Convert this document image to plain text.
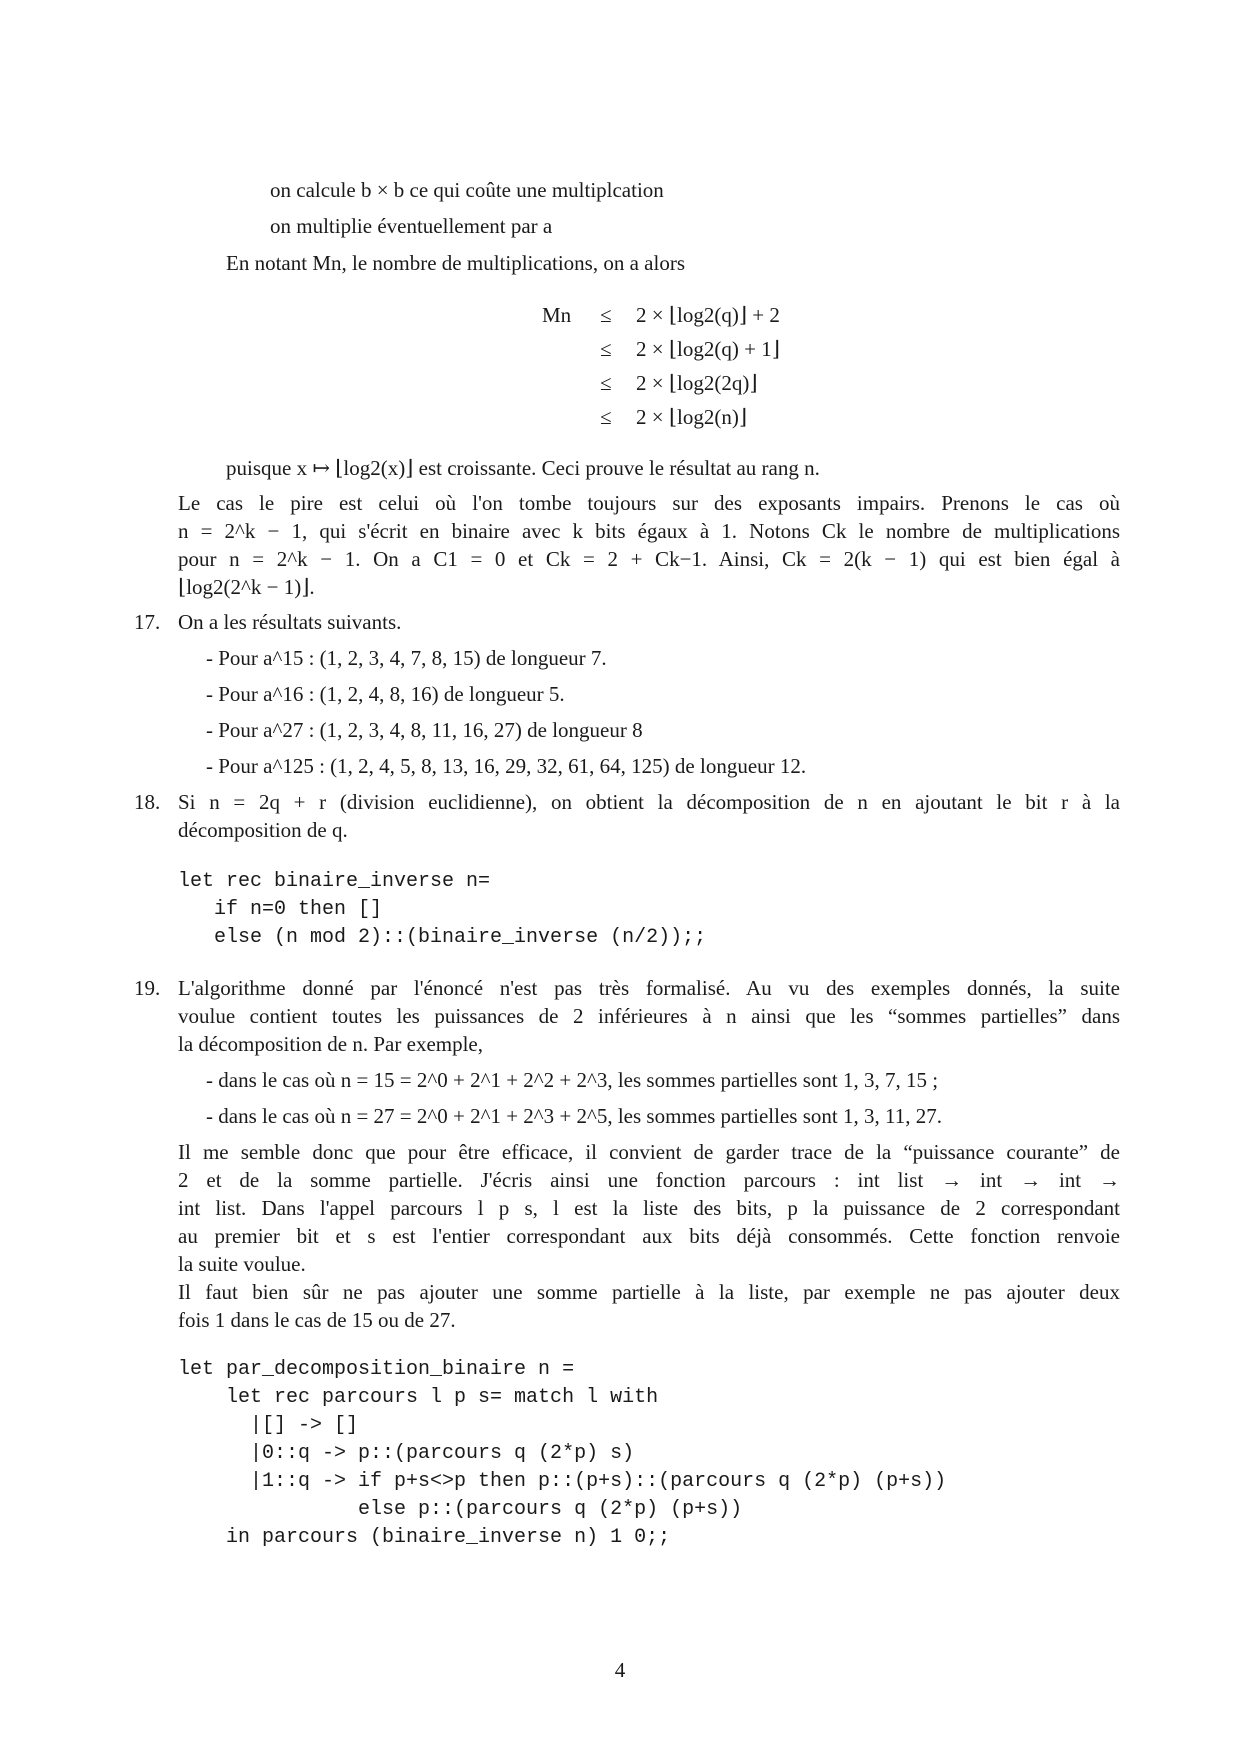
on calcule b × b ce qui coûte une multiplcation
on multiplie éventuellement par a
En notant Mn, le nombre de multiplications, on a alors
Mn ≤
≤
≤
≤
2 × ⌊log2(q)⌋ + 2
2 × ⌊log2(q) + 1⌋
2 × ⌊log2(2q)⌋
2 × ⌊log2(n)⌋
puisque x ↦ ⌊log2(x)⌋ est croissante. Ceci prouve le résultat au rang n.
Le cas le pire est celui où l'on tombe toujours sur des exposants impairs. Prenons le cas où
n = 2^k − 1, qui s'écrit en binaire avec k bits égaux à 1. Notons Ck le nombre de multiplications
pour n = 2^k − 1. On a C1 = 0 et Ck = 2 + Ck−1. Ainsi, Ck = 2(k − 1) qui est bien égal à
⌊log2(2^k − 1)⌋.
17. On a les résultats suivants.
- Pour a^15 : (1, 2, 3, 4, 7, 8, 15) de longueur 7.
- Pour a^16 : (1, 2, 4, 8, 16) de longueur 5.
- Pour a^27 : (1, 2, 3, 4, 8, 11, 16, 27) de longueur 8
- Pour a^125 : (1, 2, 4, 5, 8, 13, 16, 29, 32, 61, 64, 125) de longueur 12.
18. Si n = 2q + r (division euclidienne), on obtient la décomposition de n en ajoutant le bit r à la
décomposition de q.
let rec binaire_inverse n=
if n=0 then []
else (n mod 2)::(binaire_inverse (n/2));;
19. L'algorithme donné par l'énoncé n'est pas très formalisé. Au vu des exemples donnés, la suite
voulue contient toutes les puissances de 2 inférieures à n ainsi que les “sommes partielles” dans
la décomposition de n. Par exemple,
- dans le cas où n = 15 = 2^0 + 2^1 + 2^2 + 2^3, les sommes partielles sont 1, 3, 7, 15 ;
- dans le cas où n = 27 = 2^0 + 2^1 + 2^3 + 2^5, les sommes partielles sont 1, 3, 11, 27.
Il me semble donc que pour être efficace, il convient de garder trace de la “puissance courante” de
2 et de la somme partielle. J'écris ainsi une fonction parcours : int list → int → int →
int list. Dans l'appel parcours l p s, l est la liste des bits, p la puissance de 2 correspondant
au premier bit et s est l'entier correspondant aux bits déjà consommés. Cette fonction renvoie
la suite voulue.
Il faut bien sûr ne pas ajouter une somme partielle à la liste, par exemple ne pas ajouter deux
fois 1 dans le cas de 15 ou de 27.
let par_decomposition_binaire n =
let rec parcours l p s= match l with
|[] -> []
|0::q -> p::(parcours q (2*p) s)
|1::q -> if p+s<>p then p::(p+s)::(parcours q (2*p) (p+s))
else p::(parcours q (2*p) (p+s))
in parcours (binaire_inverse n) 1 0;;
4
